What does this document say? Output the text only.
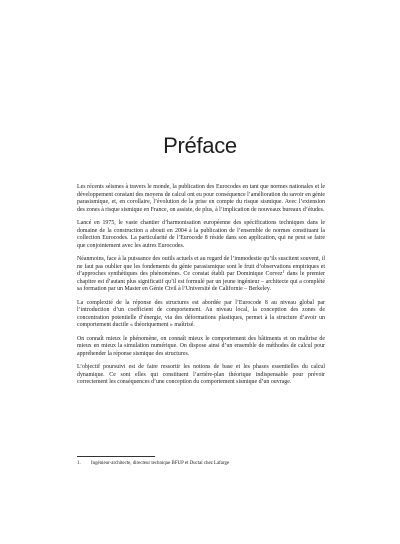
Préface

Les récents séismes à travers le monde, la publication des Eurocodes en tant que normes nationales et le développement constant des moyens de calcul ont eu pour conséquence l’amélioration du savoir en génie parasismique, et, en corollaire, l’évolution de la prise en compte du risque sismique. Avec l’extension des zones à risque sismique en France, on assiste, de plus, à l’implication de nouveaux bureaux d’études.

Lancé en 1975, le vaste chantier d’harmonisation européenne des spécifications techniques dans le domaine de la construction a abouti en 2004 à la publication de l’ensemble de normes constituant la collection Eurocodes. La particularité de l’Eurocode 8 réside dans son application, qui ne peut se faire que conjointement avec les autres Eurocodes.

Néanmoins, face à la puissance des outils actuels et au regard de l’immodestie qu’ils suscitent souvent, il ne faut pas oublier que les fondements du génie parasismique sont le fruit d’observations empiriques et d’approches synthétiques des phénomènes. Ce constat établi par Dominique Corvez$^1$ dans le premier chapitre est d’autant plus significatif qu’il est formulé par un jeune ingénieur – architecte qui a complété sa formation par un Master en Génie Civil à l’Université de Californie – Berkeley.

La complexité de la réponse des structures est abordée par l’Eurocode 8 au niveau global par l’introduction d’un coefficient de comportement. Au niveau local, la conception des zones de concentration potentielle d’énergie, via des déformations plastiques, permet à la structure d’avoir un comportement ductile « théoriquement » maîtrisé.

On connaît mieux le phénomène, on connaît mieux le comportement des bâtiments et on maîtrise de mieux en mieux la simulation numérique. On dispose ainsi d’un ensemble de méthodes de calcul pour appréhender la réponse sismique des structures.

L’objectif poursuivi est de faire ressortir les notions de base et les phases essentielles du calcul dynamique. Ce sont elles qui constituent l’arrière-plan théorique indispensable pour prévoir correctement les conséquences d’une conception du comportement sismique d’un ouvrage.

1. Ingénieur-architecte, directeur technique BFUP et Ductal chez Lafarge
